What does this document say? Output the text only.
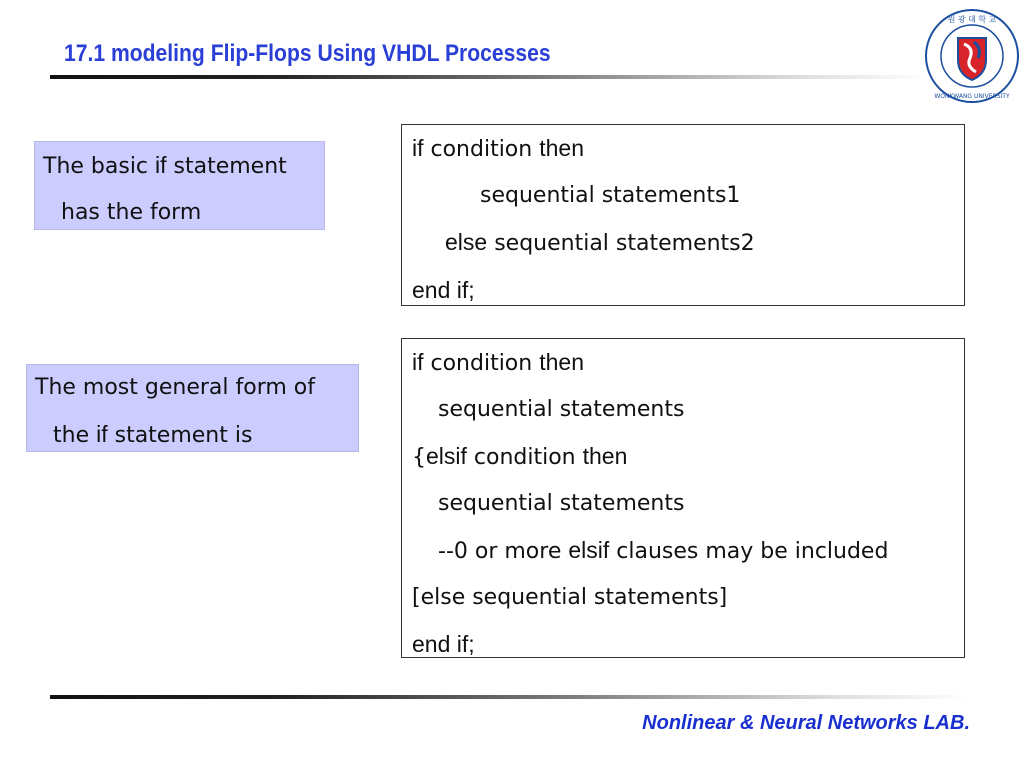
17.1 modeling Flip-Flops Using VHDL Processes
원 광 대 학 교
WONKWANG UNIVERSITY
The basic if statement
has the form
The most general form of
the if statement is
if condition then
sequential statements1
else sequential statements2
end if;
if condition then
sequential statements
{elsif condition then
sequential statements
--0 or more elsif clauses may be included
[else sequential statements]
end if;
Nonlinear & Neural Networks LAB.
